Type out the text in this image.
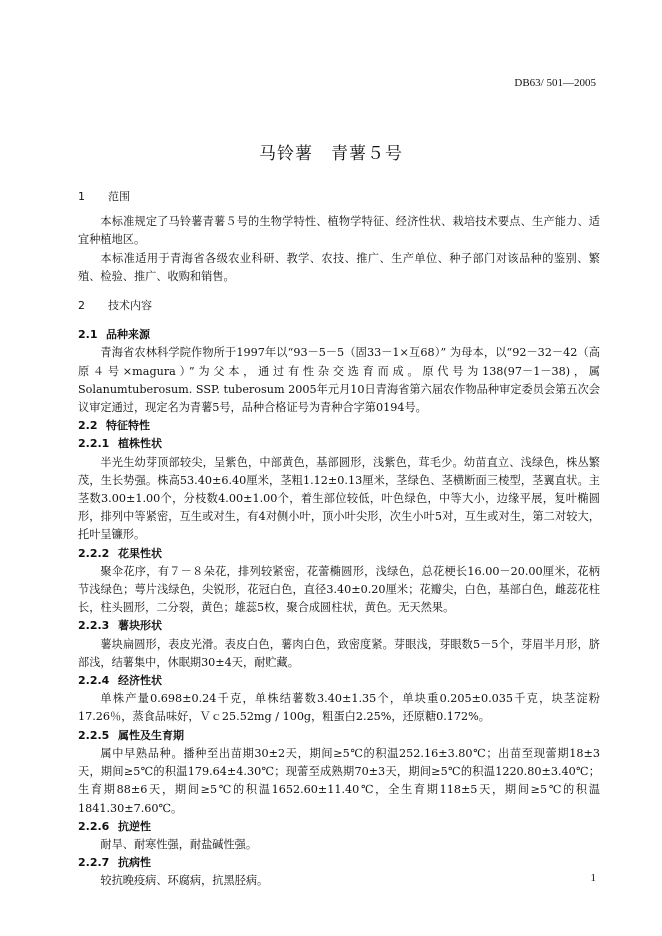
DB63/ 501—2005
马铃薯　青薯５号
1 范围

本标准规定了马铃薯青薯５号的生物学特性、植物学特征、经济性状、栽培技术要点、生产能力、适宜种植地区。

本标准适用于青海省各级农业科研、教学、农技、推广、生产单位、种子部门对该品种的鉴别、繁殖、检验、推广、收购和销售。

2 技术内容
2.1 品种来源

青海省农林科学院作物所于1997年以“93－5－5（固33－1×互68）” 为母本，以“92－32－42（高原４号×magura）”为父本，通过有性杂交选育而成。原代号为138(97－1－38)，属Solanumtuberosum. SSP. tuberosum 2005年元月10日青海省第六届农作物品种审定委员会第五次会议审定通过，现定名为青薯5号，品种合格证号为青种合字第0194号。

2.2 特征特性
2.2.1 植株性状

半光生幼芽顶部较尖，呈紫色，中部黄色，基部圆形，浅紫色，茸毛少。幼苗直立、浅绿色，株丛繁茂，生长势强。株高53.40±6.40厘米，茎粗1.12±0.13厘米，茎绿色、茎横断面三棱型，茎翼直状。主茎数3.00±1.00个，分枝数4.00±1.00个，着生部位较低，叶色绿色，中等大小，边缘平展，复叶椭圆形，排列中等紧密，互生或对生，有4对侧小叶，顶小叶尖形，次生小叶5对，互生或对生，第二对较大，托叶呈镰形。

2.2.2 花果性状

聚伞花序，有７－８朵花，排列较紧密，花蕾椭圆形，浅绿色，总花梗长16.00－20.00厘米，花柄节浅绿色；萼片浅绿色，尖锐形，花冠白色，直径3.40±0.20厘米；花瓣尖，白色，基部白色，雌蕊花柱长，柱头圆形，二分裂，黄色；雄蕊5枚，聚合成圆柱状，黄色。无天然果。

2.2.3 薯块形状

薯块扁圆形，表皮光滑。表皮白色，薯肉白色，致密度紧。芽眼浅，芽眼数5－5个，芽眉半月形，脐部浅，结薯集中，休眠期30±4天，耐贮藏。

2.2.4 经济性状

单株产量0.698±0.24千克，单株结薯数3.40±1.35个，单块重0.205±0.035千克，块茎淀粉17.26％，蒸食品味好，Ｖｃ25.52mg / 100g，粗蛋白2.25%，还原糖0.172%。

2.2.5 属性及生育期

属中早熟品种。播种至出苗期30±2天，期间≥5℃的积温252.16±3.80℃；出苗至现蕾期18±3天，期间≥5℃的积温179.64±4.30℃；现蕾至成熟期70±3天，期间≥5℃的积温1220.80±3.40℃；生育期88±6天，期间≥5℃的积温1652.60±11.40℃，全生育期118±5天，期间≥5℃的积温1841.30±7.60℃。

2.2.6 抗逆性

耐旱、耐寒性强，耐盐碱性强。

2.2.7 抗病性

较抗晚疫病、环腐病，抗黑胫病。	1
